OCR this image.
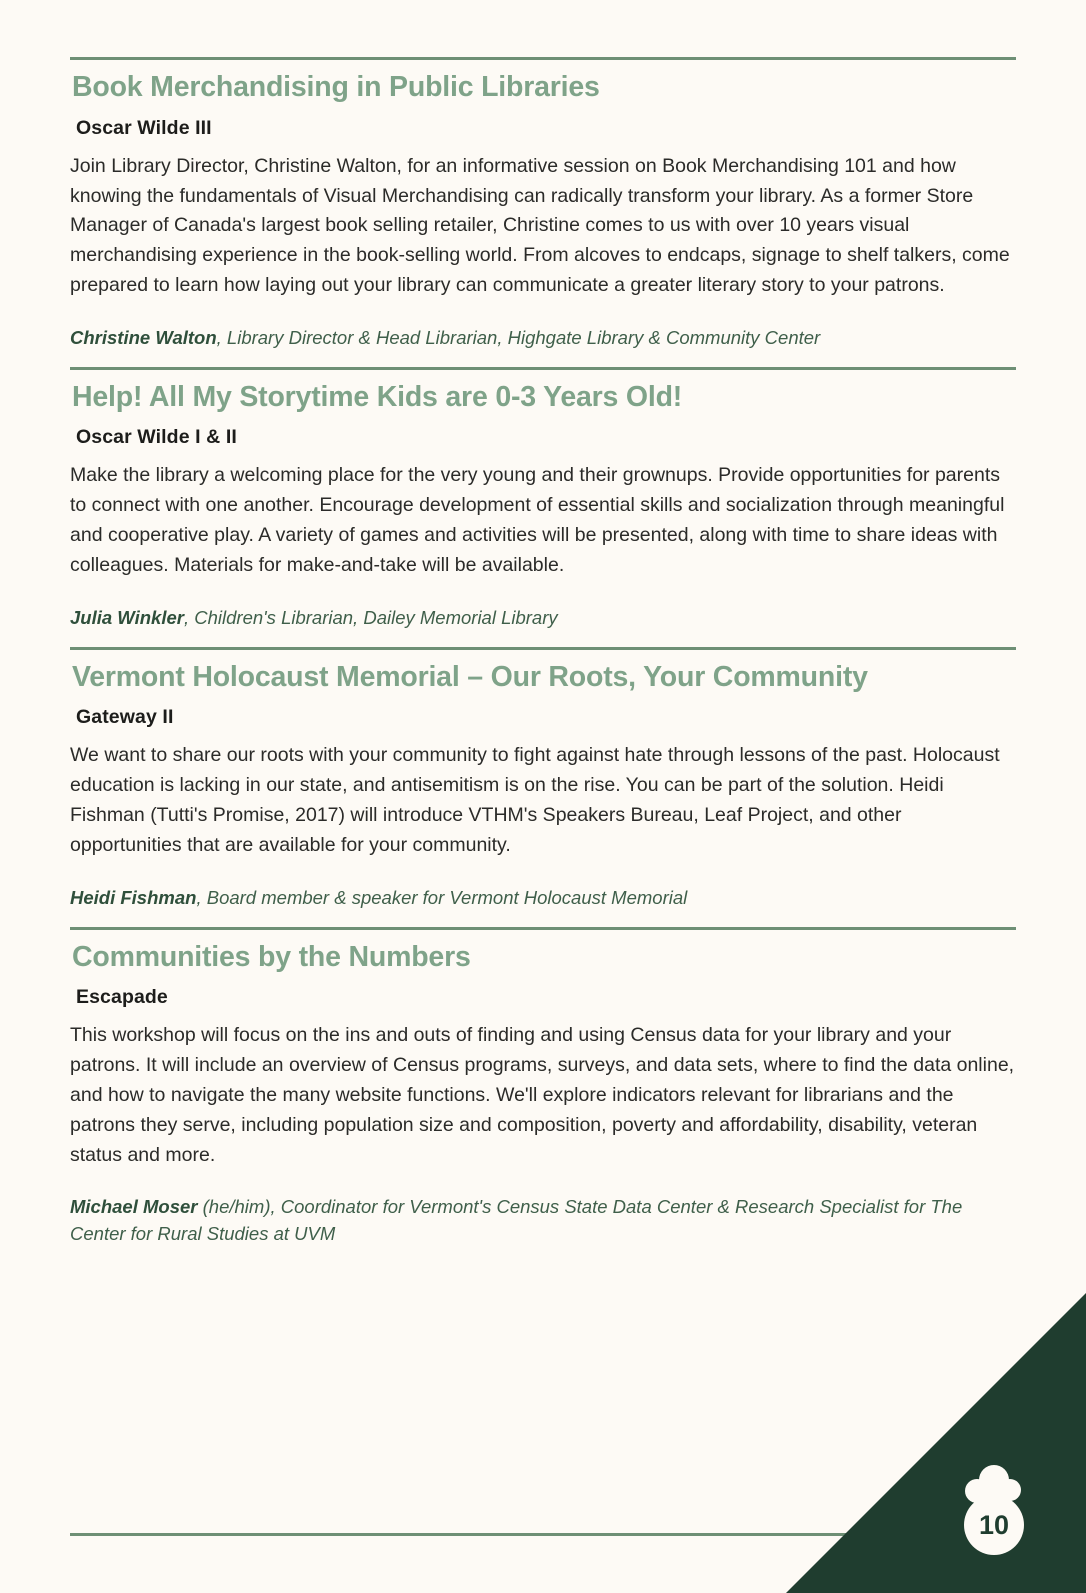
Book Merchandising in Public Libraries
Oscar Wilde III
Join Library Director, Christine Walton, for an informative session on Book Merchandising 101 and how knowing the fundamentals of Visual Merchandising can radically transform your library. As a former Store Manager of Canada's largest book selling retailer, Christine comes to us with over 10 years visual merchandising experience in the book-selling world. From alcoves to endcaps, signage to shelf talkers, come prepared to learn how laying out your library can communicate a greater literary story to your patrons.
Christine Walton, Library Director & Head Librarian, Highgate Library & Community Center
Help! All My Storytime Kids are 0-3 Years Old!
Oscar Wilde I & II
Make the library a welcoming place for the very young and their grownups. Provide opportunities for parents to connect with one another. Encourage development of essential skills and socialization through meaningful and cooperative play. A variety of games and activities will be presented, along with time to share ideas with colleagues. Materials for make-and-take will be available.
Julia Winkler, Children's Librarian, Dailey Memorial Library
Vermont Holocaust Memorial – Our Roots, Your Community
Gateway II
We want to share our roots with your community to fight against hate through lessons of the past. Holocaust education is lacking in our state, and antisemitism is on the rise. You can be part of the solution. Heidi Fishman (Tutti's Promise, 2017) will introduce VTHM's Speakers Bureau, Leaf Project, and other opportunities that are available for your community.
Heidi Fishman, Board member & speaker for Vermont Holocaust Memorial
Communities by the Numbers
Escapade
This workshop will focus on the ins and outs of finding and using Census data for your library and your patrons. It will include an overview of Census programs, surveys, and data sets, where to find the data online, and how to navigate the many website functions. We'll explore indicators relevant for librarians and the patrons they serve, including population size and composition, poverty and affordability, disability, veteran status and more.
Michael Moser (he/him), Coordinator for Vermont's Census State Data Center & Research Specialist for The Center for Rural Studies at UVM
10
